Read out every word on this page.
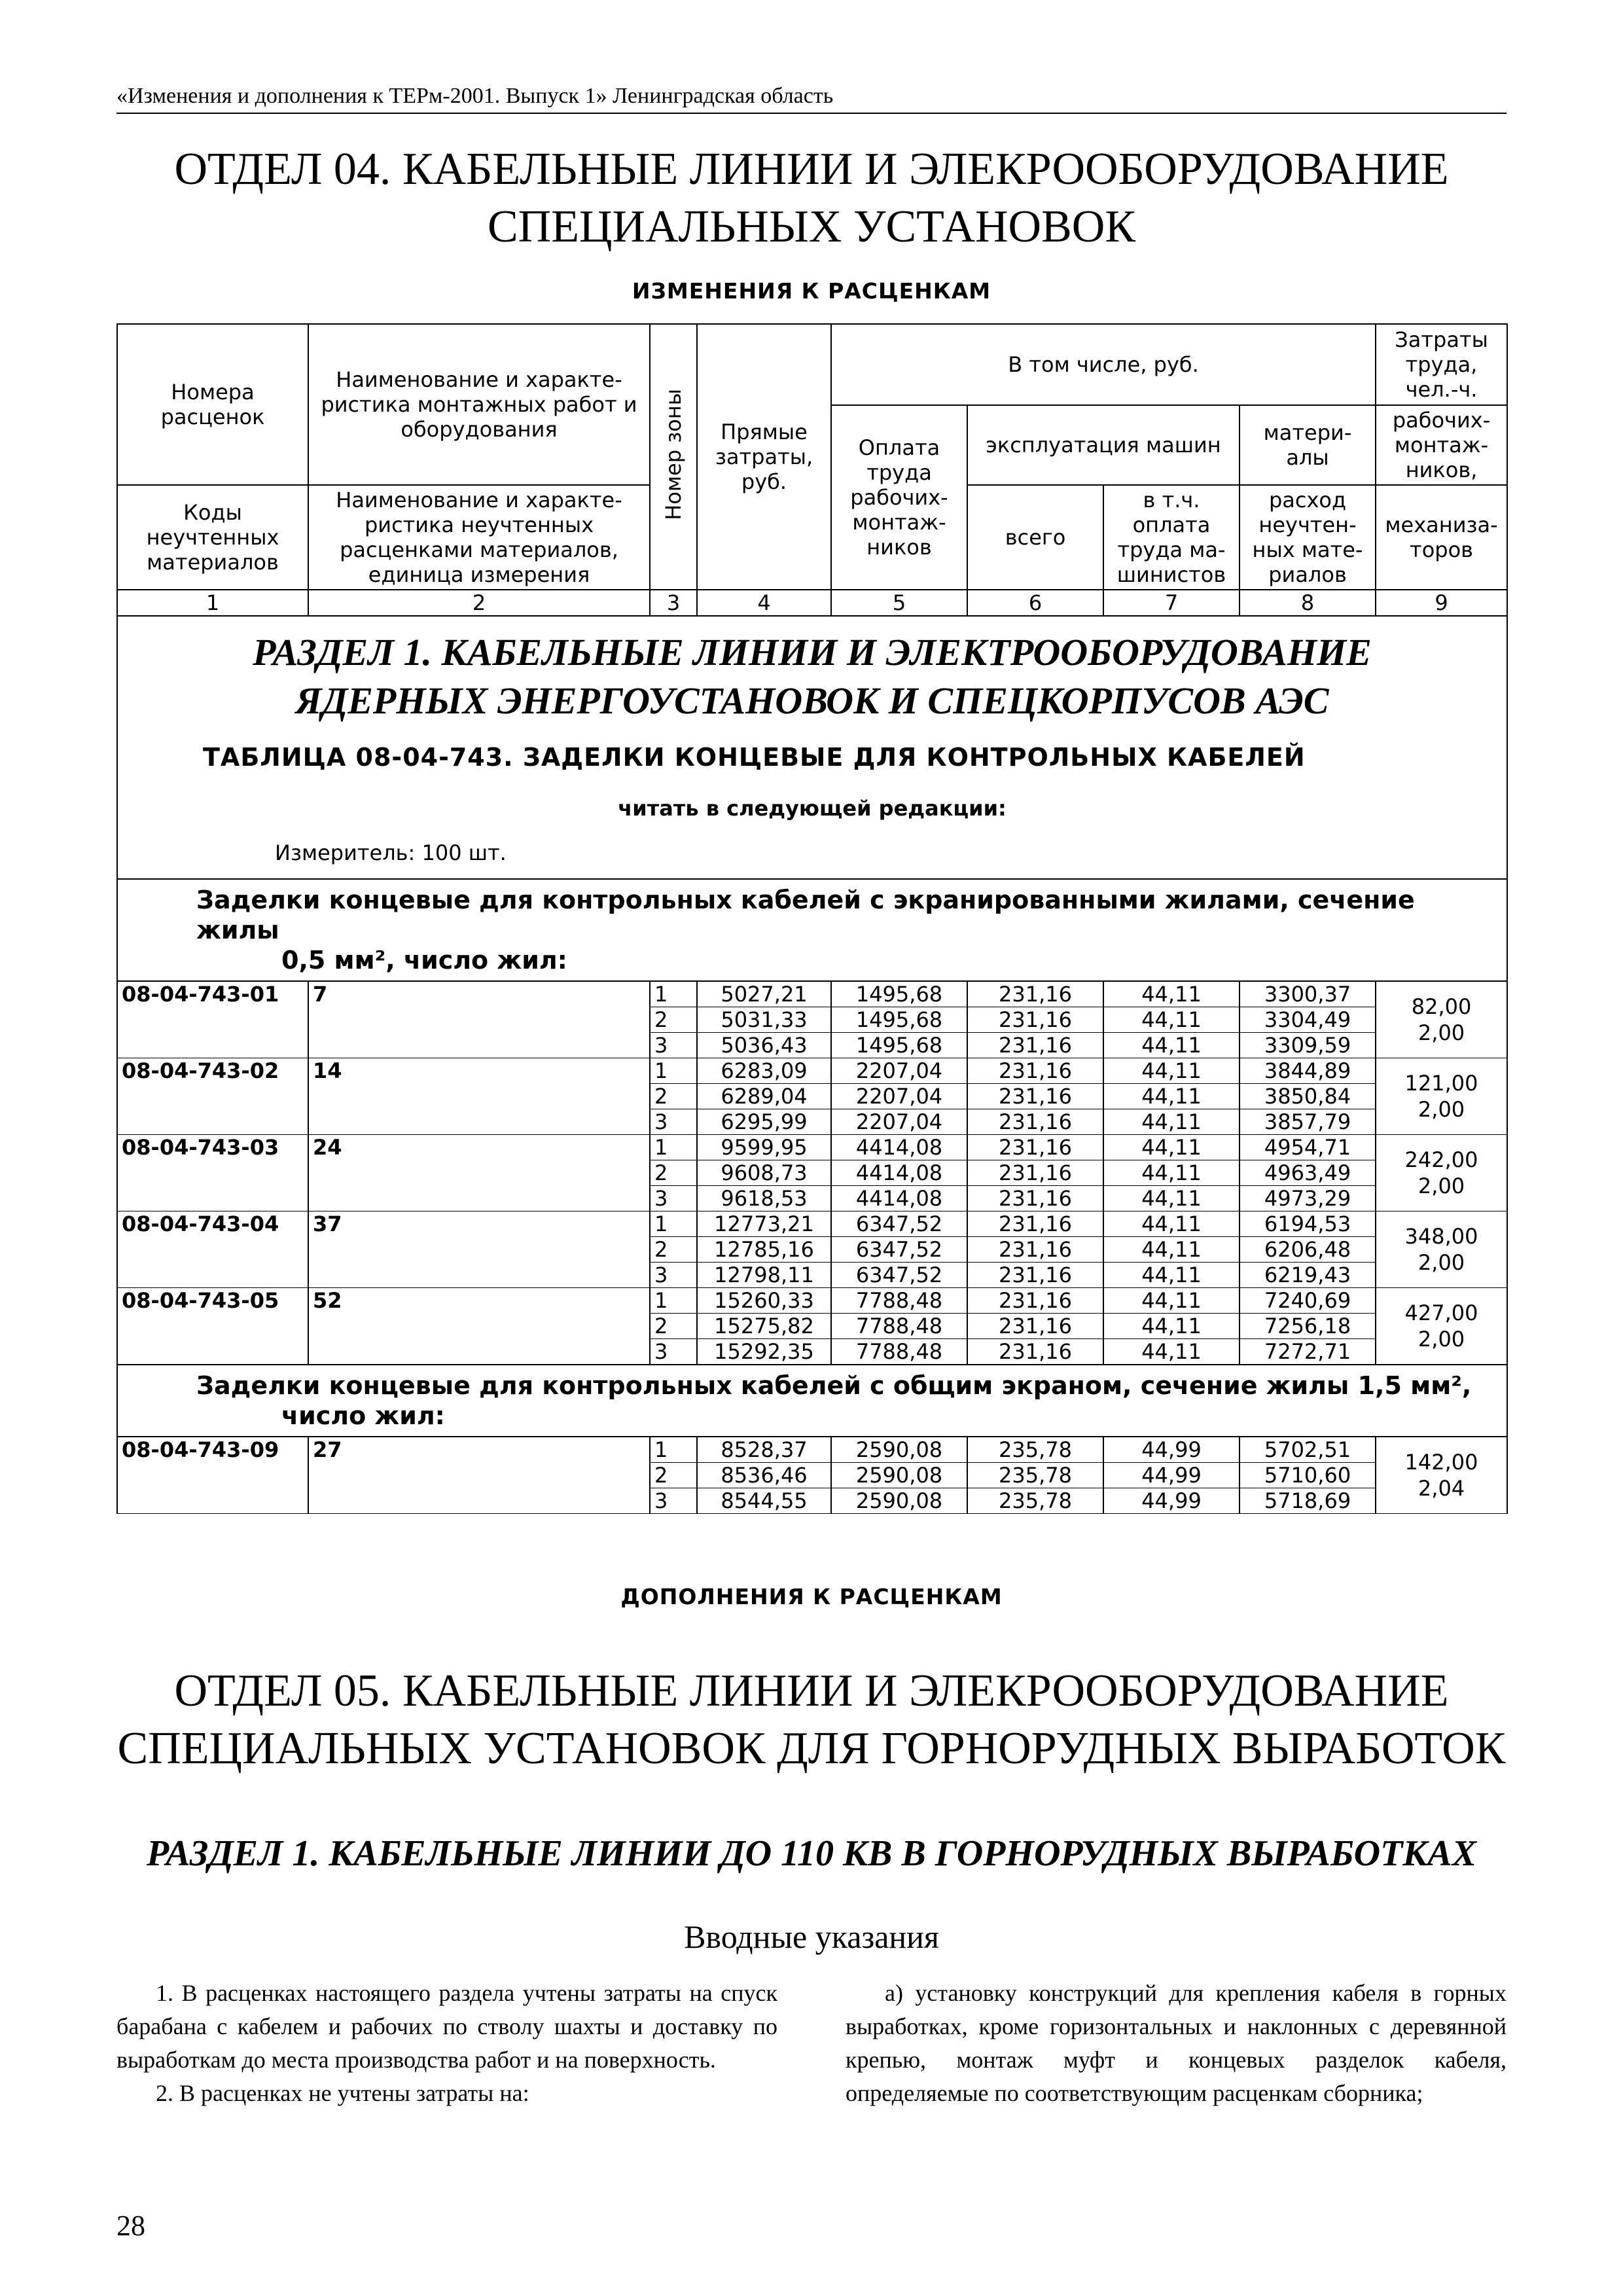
«Изменения и дополнения к ТЕРм-2001. Выпуск 1» Ленинградская область
ОТДЕЛ 04. КАБЕЛЬНЫЕ ЛИНИИ И ЭЛЕКРООБОРУДОВАНИЕ
СПЕЦИАЛЬНЫХ УСТАНОВОК
ИЗМЕНЕНИЯ К РАСЦЕНКАМ
Номера расценок	Наименование и характе-ристика монтажных работ и оборудования	Номер зоны	Прямые затраты, руб.	В том числе, руб.				Затраты труда, чел.-ч.
				Оплата труда рабочих-монтаж-ников	эксплуатация машин		матери-алы	рабочих-монтаж-ников,
Коды неучтенных материалов	Наименование и характе-ристика неучтенных расценками материалов, единица измерения				всего	в т.ч. оплата труда ма-шинистов	расход неучтен-ных мате-риалов	механиза-торов

1	2	3	4	5	6	7	8	9

РАЗДЕЛ 1. КАБЕЛЬНЫЕ ЛИНИИ И ЭЛЕКТРООБОРУДОВАНИЕ
ЯДЕРНЫХ ЭНЕРГОУСТАНОВОК И СПЕЦКОРПУСОВ АЭС
ТАБЛИЦА 08-04-743. ЗАДЕЛКИ КОНЦЕВЫЕ ДЛЯ КОНТРОЛЬНЫХ КАБЕЛЕЙ
читать в следующей редакции:
Измеритель: 100 шт.								

Заделки концевые для контрольных кабелей с экранированными жилами, сечение жилы
0,5 мм², число жил:								

08-04-743-01	7	1	5027,21	1495,68	231,16	44,11	3300,37	82,00
2,00

		2	5031,33	1495,68	231,16	44,11	3304,49	
		3	5036,43	1495,68	231,16	44,11	3309,59	
08-04-743-02	14	1	6283,09	2207,04	231,16	44,11	3844,89	121,00
2,00

		2	6289,04	2207,04	231,16	44,11	3850,84	
		3	6295,99	2207,04	231,16	44,11	3857,79	
08-04-743-03	24	1	9599,95	4414,08	231,16	44,11	4954,71	242,00
2,00

		2	9608,73	4414,08	231,16	44,11	4963,49	
		3	9618,53	4414,08	231,16	44,11	4973,29	
08-04-743-04	37	1	12773,21	6347,52	231,16	44,11	6194,53	348,00
2,00

		2	12785,16	6347,52	231,16	44,11	6206,48	
		3	12798,11	6347,52	231,16	44,11	6219,43	
08-04-743-05	52	1	15260,33	7788,48	231,16	44,11	7240,69	427,00
2,00

		2	15275,82	7788,48	231,16	44,11	7256,18	
		3	15292,35	7788,48	231,16	44,11	7272,71	

Заделки концевые для контрольных кабелей с общим экраном, сечение жилы 1,5 мм²,
число жил:								

08-04-743-09	27	1	8528,37	2590,08	235,78	44,99	5702,51	142,00
2,04

		2	8536,46	2590,08	235,78	44,99	5710,60	
		3	8544,55	2590,08	235,78	44,99	5718,69	
ДОПОЛНЕНИЯ К РАСЦЕНКАМ
ОТДЕЛ 05. КАБЕЛЬНЫЕ ЛИНИИ И ЭЛЕКРООБОРУДОВАНИЕ
СПЕЦИАЛЬНЫХ УСТАНОВОК ДЛЯ ГОРНОРУДНЫХ ВЫРАБОТОК
РАЗДЕЛ 1. КАБЕЛЬНЫЕ ЛИНИИ ДО 110 КВ В ГОРНОРУДНЫХ ВЫРАБОТКАХ
Вводные указания

1. В расценках настоящего раздела учтены затраты на спуск барабана с кабелем и рабочих по стволу шахты и доставку по выработкам до места производства работ и на поверхность.

2. В расценках не учтены затраты на:

а) установку конструкций для крепления кабеля в горных выработках, кроме горизонтальных и наклонных с деревянной крепью, монтаж муфт и концевых разделок кабеля, определяемые по соответствующим расценкам сборника;

28
